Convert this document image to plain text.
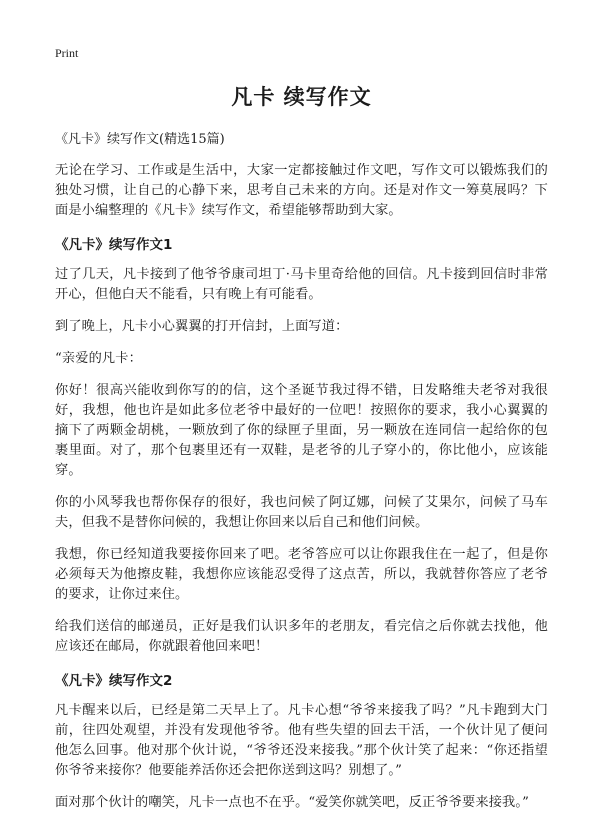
Print
凡卡 续写作文
《凡卡》续写作文(精选15篇)

无论在学习、工作或是生活中，大家一定都接触过作文吧，写作文可以锻炼我们的独处习惯，让自己的心静下来，思考自己未来的方向。还是对作文一筹莫展吗？下面是小编整理的《凡卡》续写作文，希望能够帮助到大家。

《凡卡》续写作文1

过了几天，凡卡接到了他爷爷康司坦丁·马卡里奇给他的回信。凡卡接到回信时非常开心，但他白天不能看，只有晚上有可能看。

到了晚上，凡卡小心翼翼的打开信封，上面写道：

“亲爱的凡卡：

你好！很高兴能收到你写的的信，这个圣诞节我过得不错，日发略维夫老爷对我很好，我想，他也许是如此多位老爷中最好的一位吧！按照你的要求，我小心翼翼的摘下了两颗金胡桃，一颗放到了你的绿匣子里面，另一颗放在连同信一起给你的包裹里面。对了，那个包裹里还有一双鞋，是老爷的儿子穿小的，你比他小，应该能穿。

你的小风琴我也帮你保存的很好，我也问候了阿辽娜，问候了艾果尔，问候了马车夫，但我不是替你问候的，我想让你回来以后自己和他们问候。

我想，你已经知道我要接你回来了吧。老爷答应可以让你跟我住在一起了，但是你必须每天为他擦皮鞋，我想你应该能忍受得了这点苦，所以，我就替你答应了老爷的要求，让你过来住。

给我们送信的邮递员，正好是我们认识多年的老朋友，看完信之后你就去找他，他应该还在邮局，你就跟着他回来吧！

《凡卡》续写作文2

凡卡醒来以后，已经是第二天早上了。凡卡心想“爷爷来接我了吗？”凡卡跑到大门前，往四处观望，并没有发现他爷爷。他有些失望的回去干活，一个伙计见了便问他怎么回事。他对那个伙计说，“爷爷还没来接我。”那个伙计笑了起来：“你还指望你爷爷来接你？他要能养活你还会把你送到这吗？别想了。”

面对那个伙计的嘲笑，凡卡一点也不在乎。“爱笑你就笑吧，反正爷爷要来接我。”
